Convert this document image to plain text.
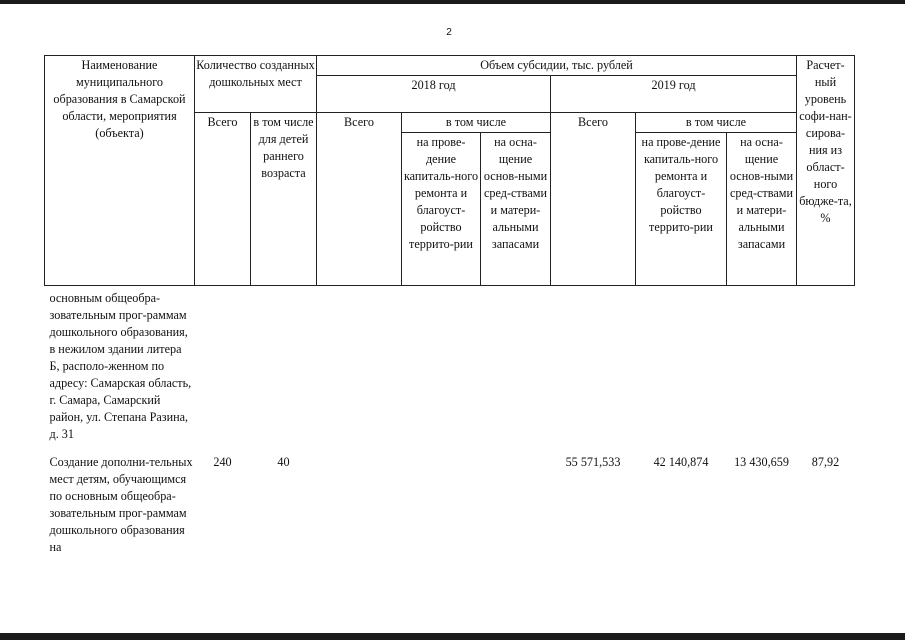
2
Наименование муниципального образования в Самарской области, мероприятия (объекта)	Количество созданных дошкольных мест		Объем субсидии, тыс. рублей						Расчет-ный уровень софи-нан-сирова-ния из област-ного бюдже-та, %
			2018 год			2019 год			
	Всего	в том числе для детей раннего возраста	Всего	в том числе		Всего	в том числе		
				на прове-дение капиталь-ного ремонта и благоуст-ройство террито-рии	на осна-щение основ-ными сред-ствами и матери-альными запасами		на прове-дение капиталь-ного ремонта и благоуст-ройство террито-рии	на осна-щение основ-ными сред-ствами и матери-альными запасами	
основным общеобра-зовательным прог-раммам дошкольного образования, в нежилом здании литера Б, располо-женном по адресу: Самарская область, г. Самара, Самарский район, ул. Степана Разина, д. 31									
Создание дополни-тельных мест детям, обучающимся по основным общеобра-зовательным прог-раммам дошкольного образования на	240	40				55 571,533	42 140,874	13 430,659	87,92
